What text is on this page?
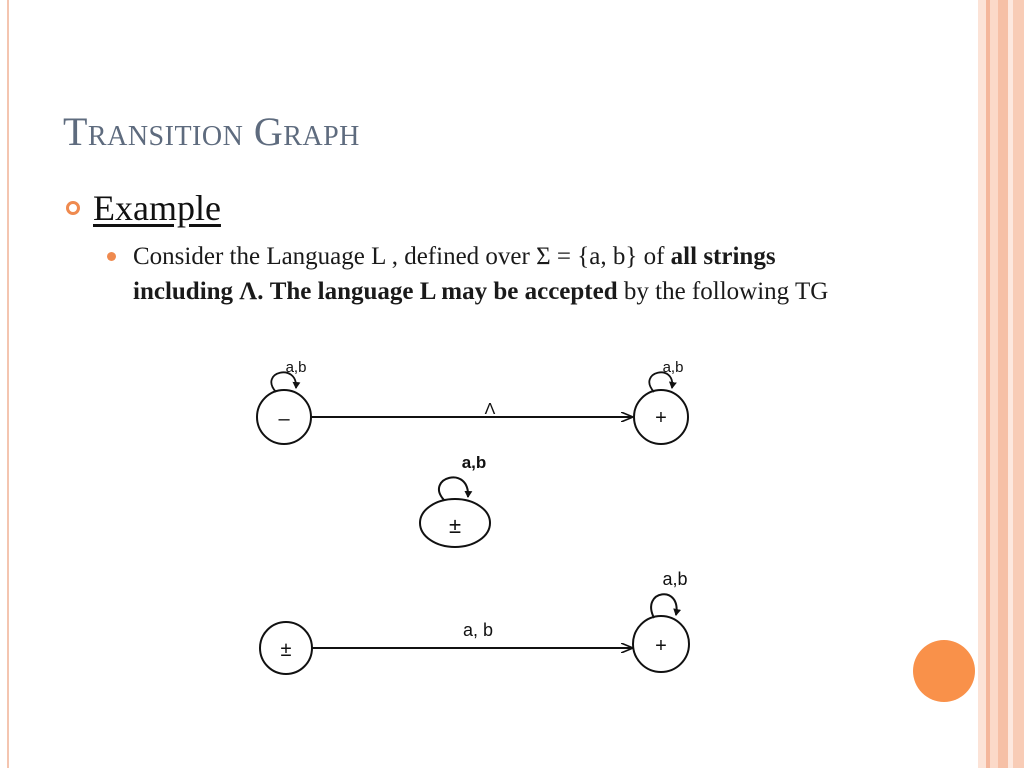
Transition Graph
Example
Consider the Language L , defined over Σ = {a, b} of all strings including Λ. The language L may be accepted by the following TG
–
a,b
Λ	+
a,b
±
a,b
±
a, b
+
a,b
